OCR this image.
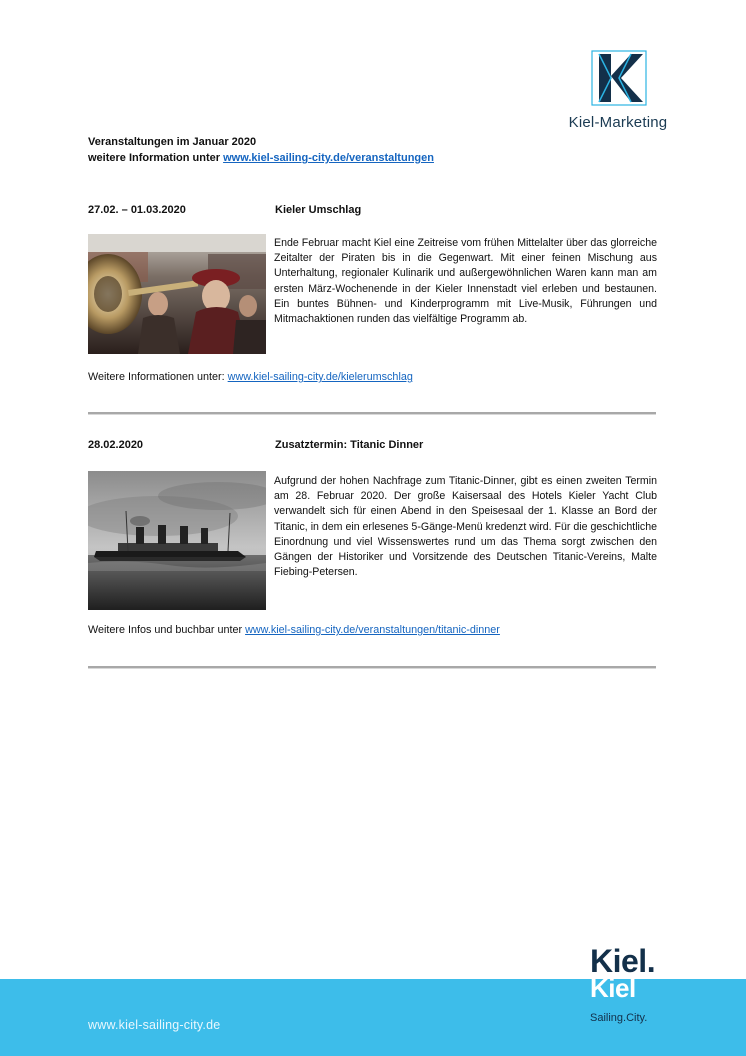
Kiel-Marketing
Veranstaltungen im Januar 2020
weitere Information unter www.kiel-sailing-city.de/veranstaltungen
27.02. – 01.03.2020	Kieler Umschlag
Ende Februar macht Kiel eine Zeitreise vom frühen Mittelalter über das glorreiche Zeitalter der Piraten bis in die Gegenwart. Mit einer feinen Mischung aus Unterhaltung, regionaler Kulinarik und außergewöhnlichen Waren kann man am ersten März-Wochenende in der Kieler Innenstadt viel erleben und bestaunen. Ein buntes Bühnen- und Kinderprogramm mit Live-Musik, Führungen und Mitmachaktionen runden das vielfältige Programm ab.
Weitere Informationen unter: www.kiel-sailing-city.de/kielerumschlag
28.02.2020	Zusatztermin: Titanic Dinner
Aufgrund der hohen Nachfrage zum Titanic-Dinner, gibt es einen zweiten Termin am 28. Februar 2020. Der große Kaisersaal des Hotels Kieler Yacht Club verwandelt sich für einen Abend in den Speisesaal der 1. Klasse an Bord der Titanic, in dem ein erlesenes 5-Gänge-Menü kredenzt wird. Für die geschichtliche Einordnung und viel Wissenswertes rund um das Thema sorgt zwischen den Gängen der Historiker und Vorsitzende des Deutschen Titanic-Vereins, Malte Fiebing-Petersen.
Weitere Infos und buchbar unter www.kiel-sailing-city.de/veranstaltungen/titanic-dinner
www.kiel-sailing-city.de
Kiel.
Kiel
Sailing.City.
